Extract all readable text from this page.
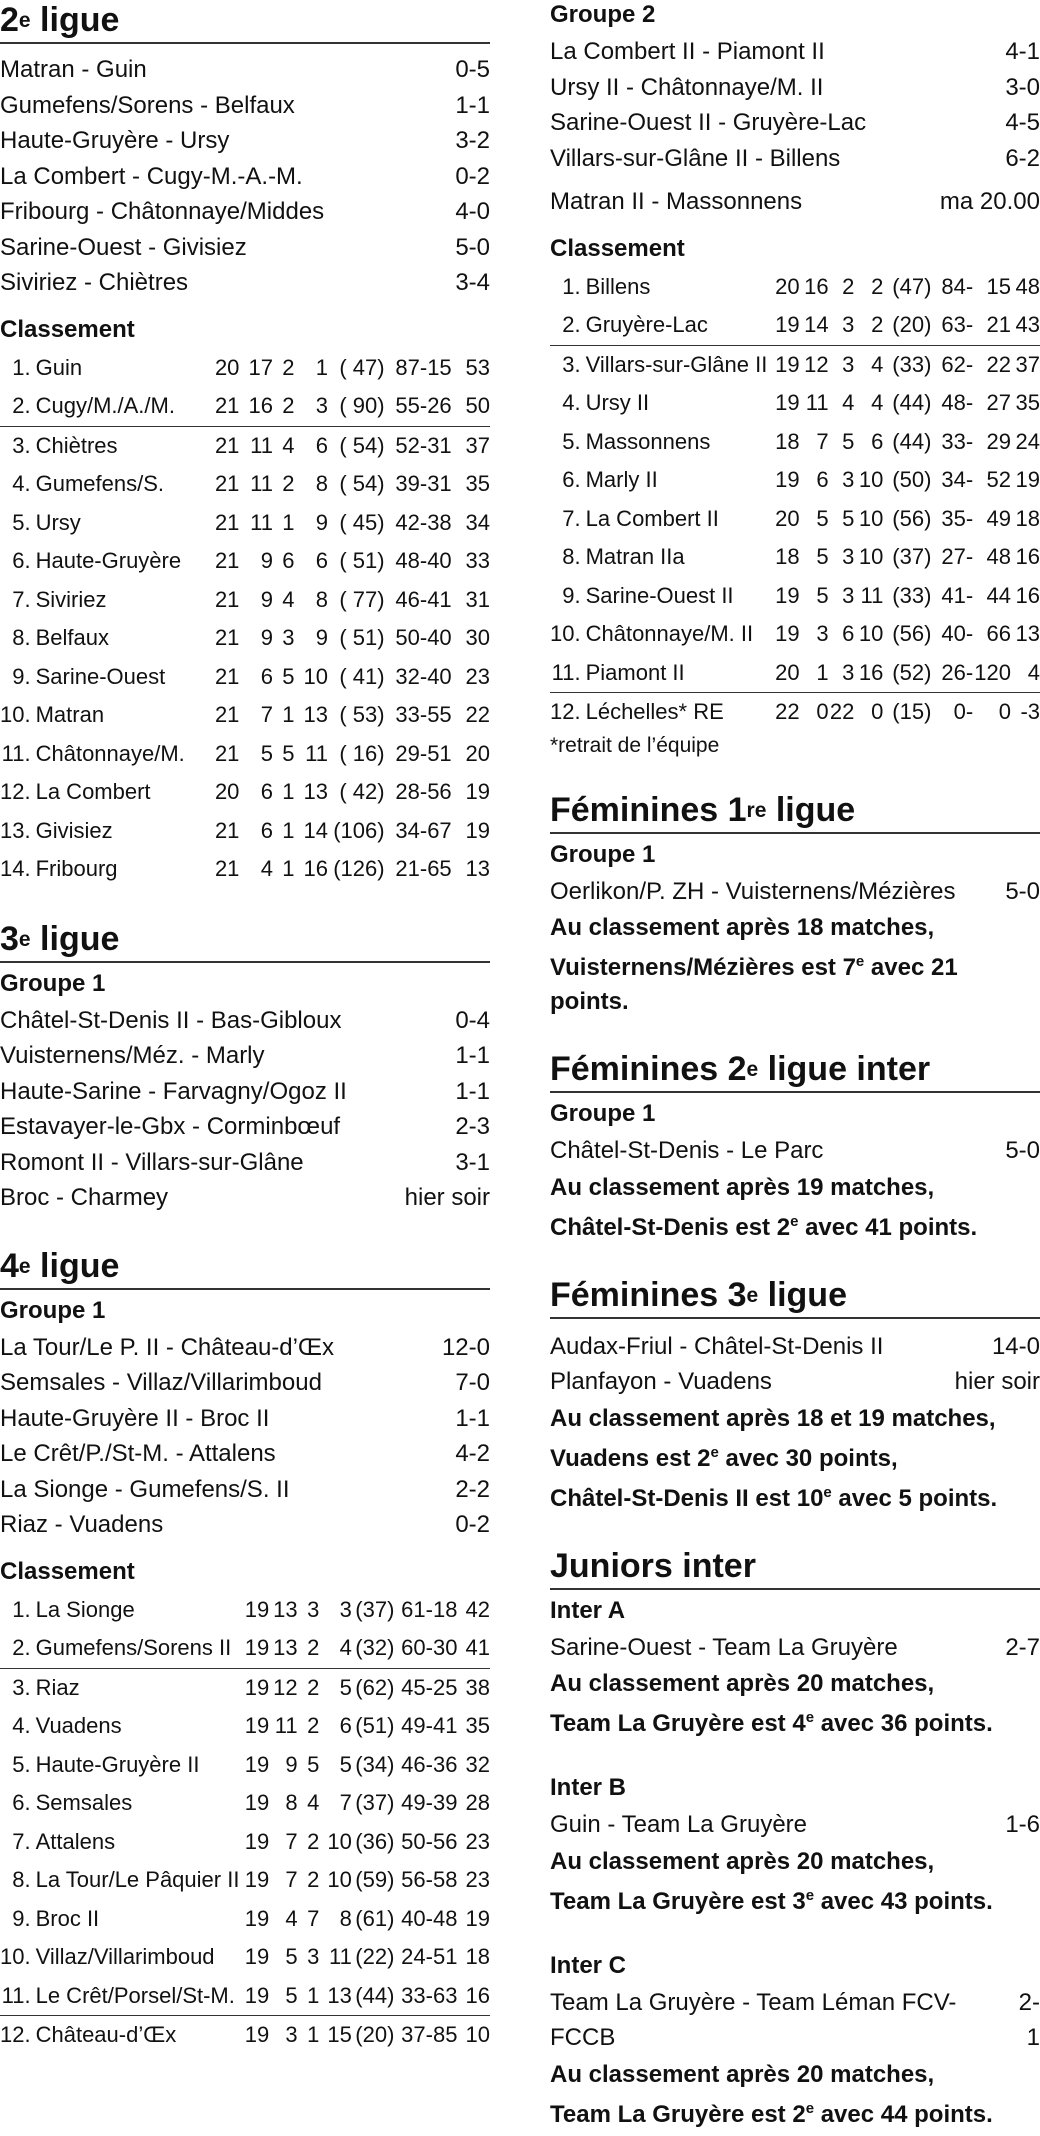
2e ligue
Matran - Guin	0-5
Gumefens/Sorens - Belfaux	1-1
Haute-Gruyère - Ursy	3-2
La Combert - Cugy-M.-A.-M.	0-2
Fribourg - Châtonnaye/Middes	4-0
Sarine-Ouest - Givisiez	5-0
Siviriez - Chiètres	3-4
Classement
1.	Guin	20	17	2	1	( 47)	87-15	53
2.	Cugy/M./A./M.	21	16	2	3	( 90)	55-26	50
3.	Chiètres	21	11	4	6	( 54)	52-31	37
4.	Gumefens/S.	21	11	2	8	( 54)	39-31	35
5.	Ursy	21	11	1	9	( 45)	42-38	34
6.	Haute-Gruyère	21	9	6	6	( 51)	48-40	33
7.	Siviriez	21	9	4	8	( 77)	46-41	31
8.	Belfaux	21	9	3	9	( 51)	50-40	30
9.	Sarine-Ouest	21	6	5	10	( 41)	32-40	23
10.	Matran	21	7	1	13	( 53)	33-55	22
11.	Châtonnaye/M.	21	5	5	11	( 16)	29-51	20
12.	La Combert	20	6	1	13	( 42)	28-56	19
13.	Givisiez	21	6	1	14	(106)	34-67	19
14.	Fribourg	21	4	1	16	(126)	21-65	13
3e ligue
Groupe 1
Châtel-St-Denis II - Bas-Gibloux	0-4
Vuisternens/Méz. - Marly	1-1
Haute-Sarine - Farvagny/Ogoz II	1-1
Estavayer-le-Gbx - Corminbœuf	2-3
Romont II - Villars-sur-Glâne	3-1
Broc - Charmey	hier soir
4e ligue
Groupe 1
La Tour/Le P. II - Château-d’Œx	12-0
Semsales - Villaz/Villarimboud	7-0
Haute-Gruyère II - Broc II	1-1
Le Crêt/P./St-M. - Attalens	4-2
La Sionge - Gumefens/S. II	2-2
Riaz - Vuadens	0-2
Classement
1.	La Sionge	19	13	3	3	(37)	61-18	42
2.	Gumefens/Sorens II	19	13	2	4	(32)	60-30	41
3.	Riaz	19	12	2	5	(62)	45-25	38
4.	Vuadens	19	11	2	6	(51)	49-41	35
5.	Haute-Gruyère II	19	9	5	5	(34)	46-36	32
6.	Semsales	19	8	4	7	(37)	49-39	28
7.	Attalens	19	7	2	10	(36)	50-56	23
8.	La Tour/Le Pâquier II	19	7	2	10	(59)	56-58	23
9.	Broc II	19	4	7	8	(61)	40-48	19
10.	Villaz/Villarimboud	19	5	3	11	(22)	24-51	18
11.	Le Crêt/Porsel/St-M.	19	5	1	13	(44)	33-63	16
12.	Château-d’Œx	19	3	1	15	(20)	37-85	10
Groupe 2
La Combert II - Piamont II	4-1
Ursy II - Châtonnaye/M. II	3-0
Sarine-Ouest II - Gruyère-Lac	4-5
Villars-sur-Glâne II - Billens	6-2
Matran II - Massonnens	ma 20.00
Classement
1.	Billens	20	16	2	2	(47)	84-	15	48
2.	Gruyère-Lac	19	14	3	2	(20)	63-	21	43
3.	Villars-sur-Glâne II	19	12	3	4	(33)	62-	22	37
4.	Ursy II	19	11	4	4	(44)	48-	27	35
5.	Massonnens	18	7	5	6	(44)	33-	29	24
6.	Marly II	19	6	3	10	(50)	34-	52	19
7.	La Combert II	20	5	5	10	(56)	35-	49	18
8.	Matran IIa	18	5	3	10	(37)	27-	48	16
9.	Sarine-Ouest II	19	5	3	11	(33)	41-	44	16
10.	Châtonnaye/M. II	19	3	6	10	(56)	40-	66	13
11.	Piamont II	20	1	3	16	(52)	26-	120	4
12.	Léchelles* RE	22	0	22	0	(15)	0-	0	-3
*retrait de l’équipe
Féminines 1re ligue
Groupe 1
Oerlikon/P. ZH - Vuisternens/Mézières 5-0
Au classement après 18 matches,
Vuisternens/Mézières est 7e avec 21 points.
Féminines 2e ligue inter
Groupe 1
Châtel-St-Denis - Le Parc	5-0
Au classement après 19 matches,
Châtel-St-Denis est 2e avec 41 points.
Féminines 3e ligue
Audax-Friul - Châtel-St-Denis II	14-0
Planfayon - Vuadens	hier soir
Au classement après 18 et 19 matches,
Vuadens est 2e avec 30 points,
Châtel-St-Denis II est 10e avec 5 points.
Juniors inter
Inter A
Sarine-Ouest - Team La Gruyère	2-7
Au classement après 20 matches,
Team La Gruyère est 4e avec 36 points.
Inter B
Guin - Team La Gruyère	1-6
Au classement après 20 matches,
Team La Gruyère est 3e avec 43 points.
Inter C
Team La Gruyère - Team Léman FCV-FCCB
2-1
Au classement après 20 matches,
Team La Gruyère est 2e avec 44 points.
